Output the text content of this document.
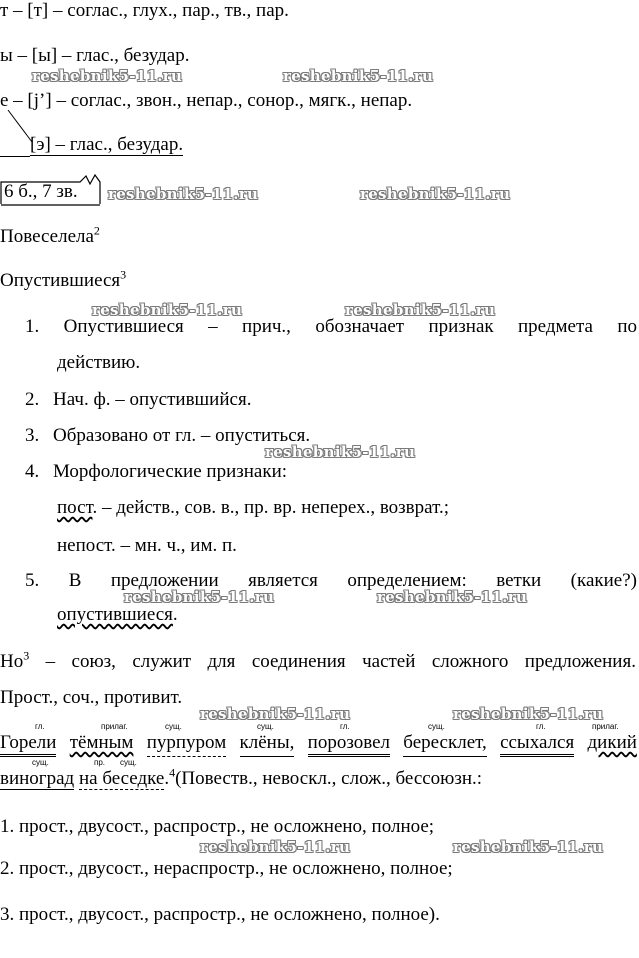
reshebnik5-11.ru	reshebnik5-11.ru
reshebnik5-11.ru	reshebnik5-11.ru
reshebnik5-11.ru	reshebnik5-11.ru
reshebnik5-11.ru
reshebnik5-11.ru	reshebnik5-11.ru
reshebnik5-11.ru	reshebnik5-11.ru
reshebnik5-11.ru	reshebnik5-11.ru
т – [т] – соглас., глух., пар., тв., пар.
ы – [ы] – глас., безудар.
е – [j’] – соглас., звон., непар., сонор., мягк., непар.
[э] – глас., безудар.
6 б., 7 зв.
Повеселела$^2$
Опустившиеся$^3$
1. Опустившиеся – прич., обозначает признак предмета по
действию.
2. Нач. ф. – опустившийся.
3. Образовано от гл. – опуститься.
4. Морфологические признаки:
пост. – действ., сов. в., пр. вр. неперех., возврат.;
непост. – мн. ч., им. п.
5. В предложении является определением: ветки (какие?)
опустившиеся.
$Но^3$ – союз, служит для соединения частей сложного предложения.
Прост., соч., противит.
гл.	прилаг.	сущ.	сущ.	гл.	сущ.	гл.	прилаг.
Горели тёмным пурпуром клёны, порозовел бересклет, ссыхался дикий
виноград на беседке.$^4$(Повеств., невоскл., слож., бессоюзн.:
сущ.	пр. сущ.
1. прост., двусост., распростр., не осложнено, полное;
2. прост., двусост., нераспростр., не осложнено, полное;
3. прост., двусост., распростр., не осложнено, полное).
